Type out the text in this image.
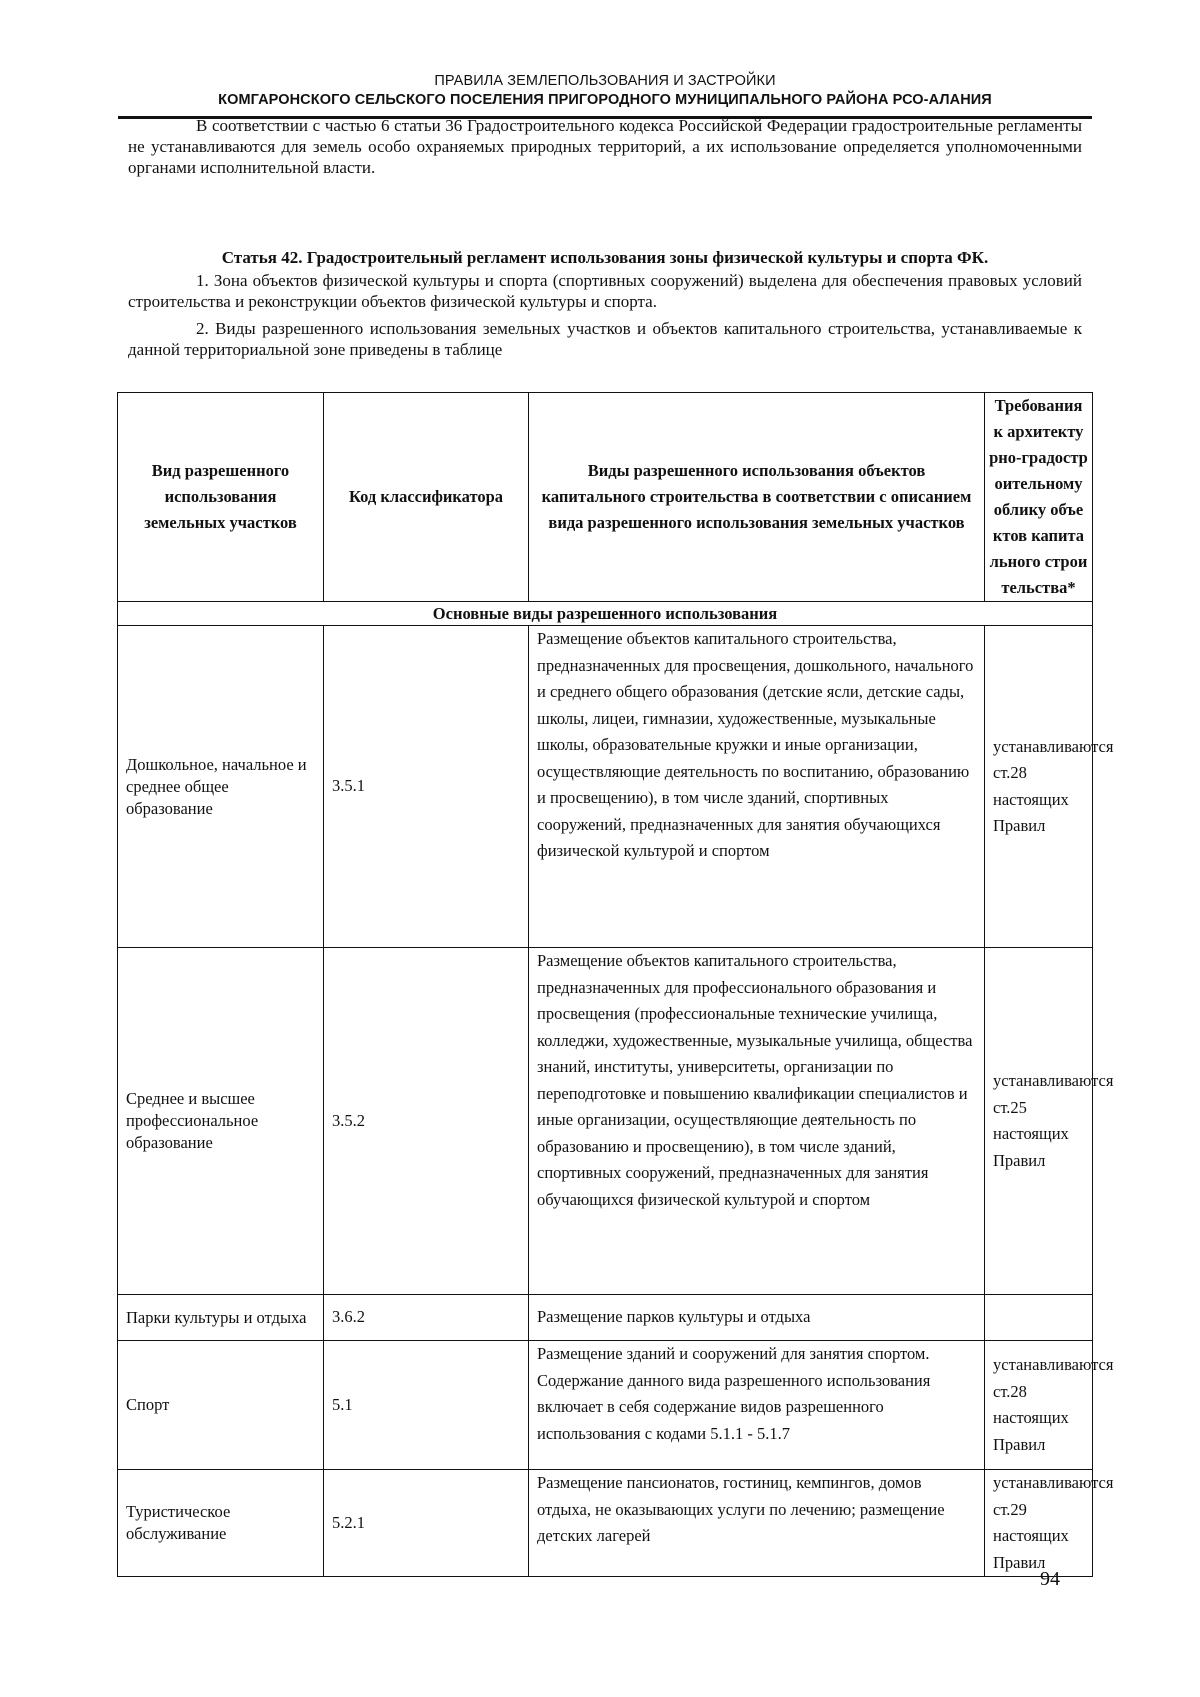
ПРАВИЛА ЗЕМЛЕПОЛЬЗОВАНИЯ И ЗАСТРОЙКИ
КОМГАРОНСКОГО СЕЛЬСКОГО ПОСЕЛЕНИЯ ПРИГОРОДНОГО МУНИЦИПАЛЬНОГО РАЙОНА РСО-АЛАНИЯ

В соответствии с частью 6 статьи 36 Градостроительного кодекса Российской Федерации градостроительные регламенты не устанавливаются для земель особо охраняемых природных территорий, а их использование определяется уполномоченными органами исполнительной власти.

Статья 42. Градостроительный регламент использования зоны физической культуры и спорта ФК.

1. Зона объектов физической культуры и спорта (спортивных сооружений) выделена для обеспечения правовых условий строительства и реконструкции объектов физической культуры и спорта.

2. Виды разрешенного использования земельных участков и объектов капитального строительства, устанавливаемые к данной территориальной зоне приведены в таблице

Вид разрешенного использования земельных участков	Код классификатора	Виды разрешенного использования объектов капитального строительства в соответствии с описанием вида разрешенного использования земельных участков	Требования к архитектурно-градостроительному облику объектов капитального строительства*
Основные виды разрешенного использования			
Дошкольное, начальное и среднее общее образование	3.5.1	Размещение объектов капитального строительства, предназначенных для просвещения, дошкольного, начального и среднего общего образования (детские ясли, детские сады, школы, лицеи, гимназии, художественные, музыкальные школы, образовательные кружки и иные организации, осуществляющие деятельность по воспитанию, образованию и просвещению), в том числе зданий, спортивных сооружений, предназначенных для занятия обучающихся физической культурой и спортом	устанавливаются ст.28 настоящих Правил
Среднее и высшее профессиональное образование	3.5.2	Размещение объектов капитального строительства, предназначенных для профессионального образования и просвещения (профессиональные технические училища, колледжи, художественные, музыкальные училища, общества знаний, институты, университеты, организации по переподготовке и повышению квалификации специалистов и иные организации, осуществляющие деятельность по образованию и просвещению), в том числе зданий, спортивных сооружений, предназначенных для занятия обучающихся физической культурой и спортом	устанавливаются ст.25 настоящих Правил
Парки культуры и отдыха	3.6.2	Размещение парков культуры и отдыха	
Спорт	5.1	Размещение зданий и сооружений для занятия спортом. Содержание данного вида разрешенного использования включает в себя содержание видов разрешенного использования с кодами 5.1.1 - 5.1.7	устанавливаются ст.28 настоящих Правил
Туристическое обслуживание	5.2.1	Размещение пансионатов, гостиниц, кемпингов, домов отдыха, не оказывающих услуги по лечению; размещение детских лагерей	устанавливаются ст.29 настоящих Правил
94
